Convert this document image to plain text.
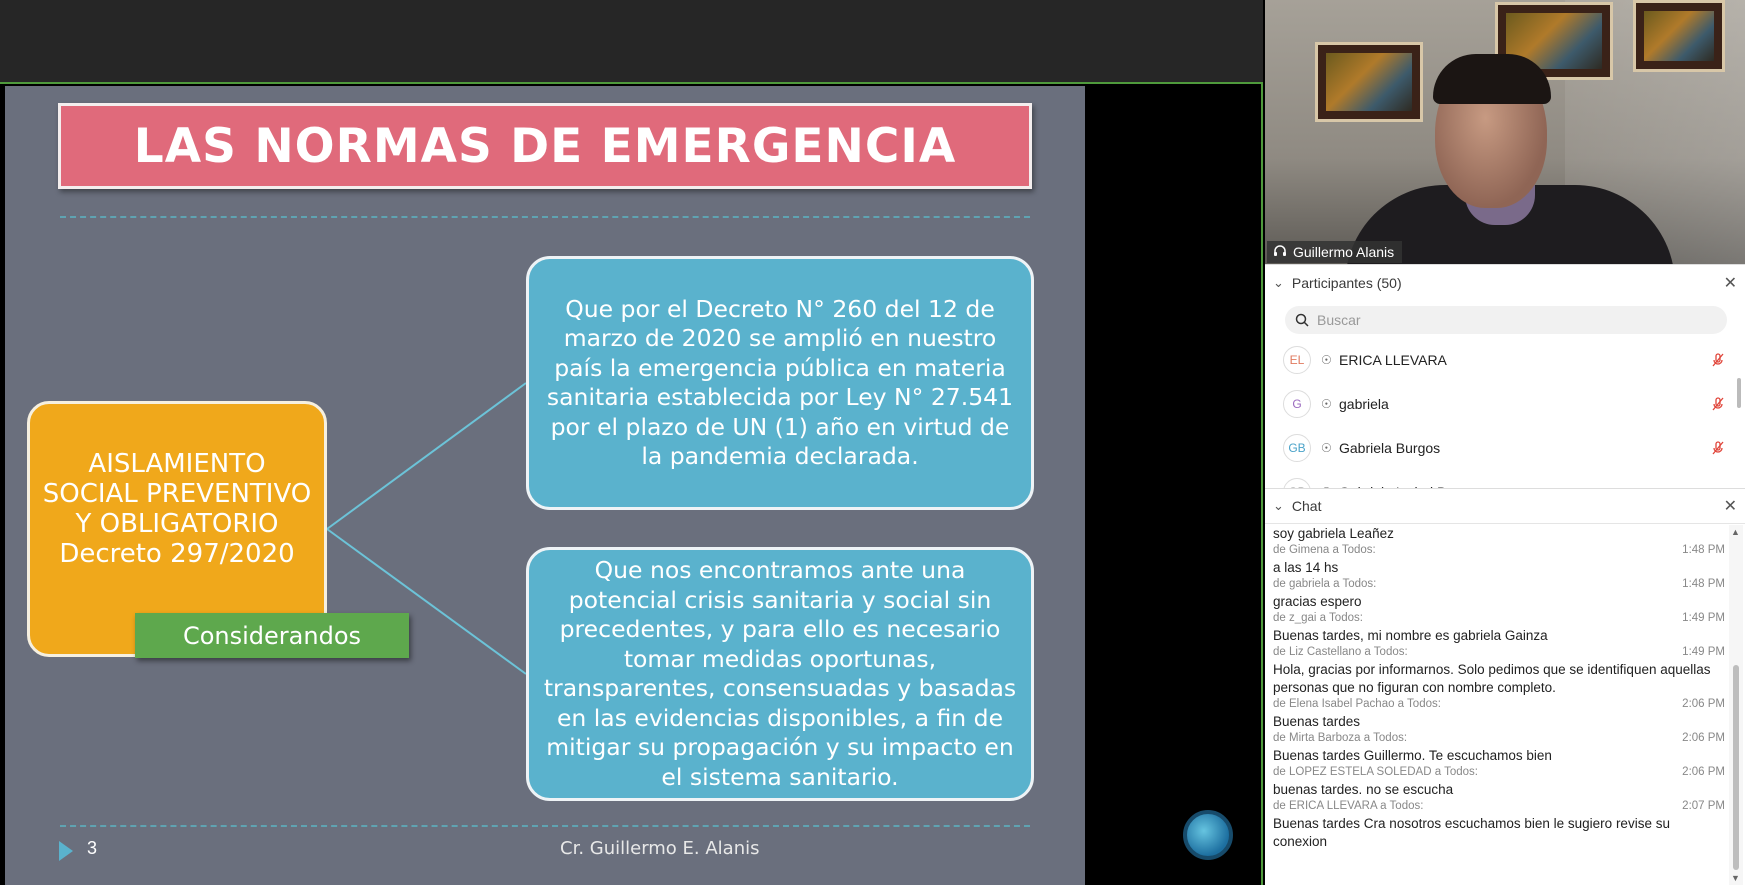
LAS NORMAS DE EMERGENCIA
AISLAMIENTO
SOCIAL PREVENTIVO
Y OBLIGATORIO
Decreto 297/2020
Considerandos
Que por el Decreto N° 260 del 12 de marzo de 2020 se amplió en nuestro país la emergencia pública en materia sanitaria establecida por Ley N° 27.541 por el plazo de UN (1) año en virtud de la pandemia declarada.
Que nos encontramos ante una potencial crisis sanitaria y social sin precedentes, y para ello es necesario tomar medidas oportunas, transparentes, consensuadas y basadas en las evidencias disponibles, a fin de mitigar su propagación y su impacto en el sistema sanitario.
3	Cr. Guillermo E. Alanis
Guillermo Alanis
⌄ Participantes (50)	✕
Buscar
EL	☉ ERICA LLEVARA
G	☉ gabriela
GB	☉ Gabriela Burgos
⌄ Chat	✕
soy gabriela Leañez
de Gimena a Todos:	1:48 PM
a las 14 hs
de gabriela a Todos:	1:48 PM
gracias espero
de z_gai a Todos:	1:49 PM
Buenas tardes, mi nombre es gabriela Gainza
de Liz Castellano a Todos:	1:49 PM
Hola, gracias por informarnos. Solo pedimos que se identifiquen aquellas personas que no figuran con nombre completo.
de Elena Isabel Pachao a Todos:	2:06 PM
Buenas tardes
de Mirta Barboza a Todos:	2:06 PM
Buenas tardes Guillermo. Te escuchamos bien
de LOPEZ ESTELA SOLEDAD a Todos:	2:06 PM
buenas tardes. no se escucha
de ERICA LLEVARA a Todos:	2:07 PM
Buenas tardes Cra nosotros escuchamos bien le sugiero revise su conexion
▲
▼
